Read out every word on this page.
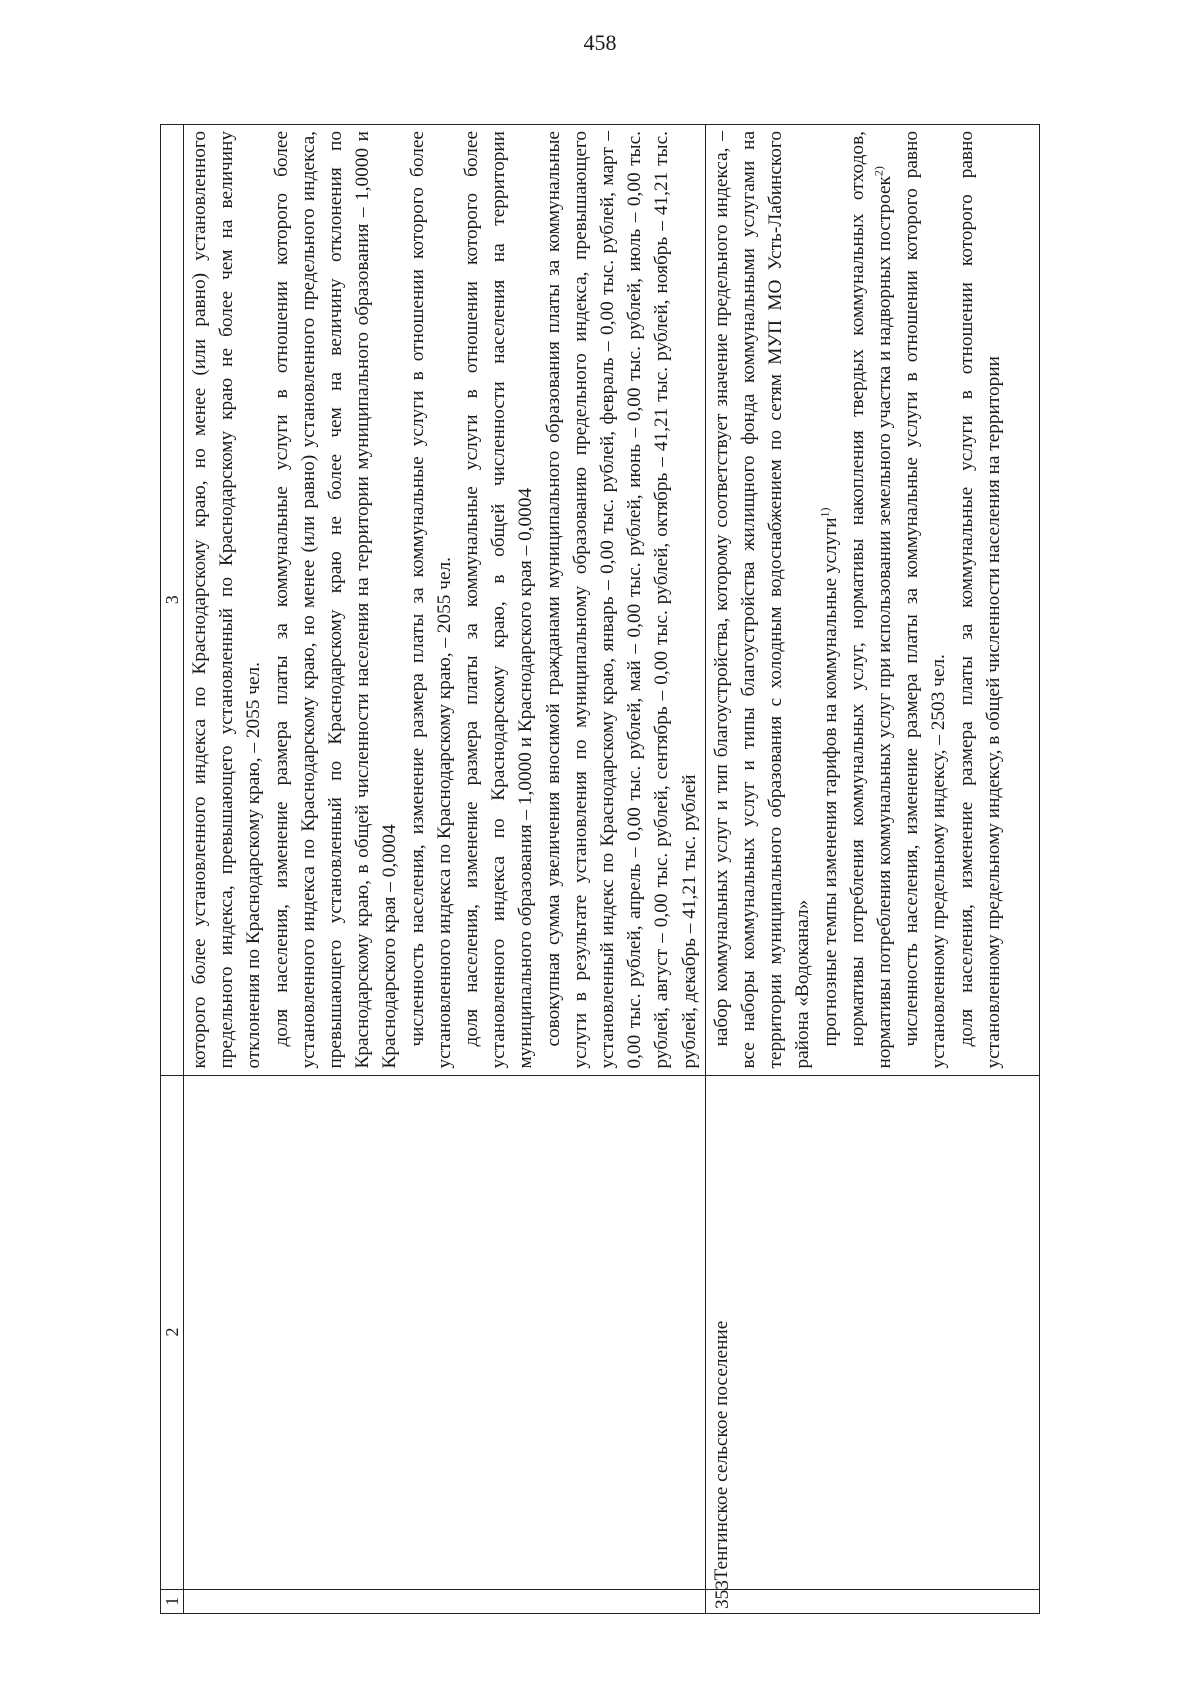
458
1	2	3

		которого более установленного индекса по Краснодарскому краю, но менее (или равно) установленного предельного индекса, превышающего установленный по Краснодарскому краю не более чем на величину отклонения по Краснодарскому краю, – 2055 чел. доля населения, изменение размера платы за коммунальные услуги в отношении которого более установленного индекса по Краснодарскому краю, но менее (или равно) установленного предельного индекса, превышающего установленный по Краснодарскому краю не более чем на величину отклонения по Краснодарскому краю, в общей численности населения на территории муниципального образования – 1,0000 и Краснодарского края – 0,0004 численность населения, изменение размера платы за коммунальные услуги в отношении которого более установленного индекса по Краснодарскому краю, – 2055 чел. доля населения, изменение размера платы за коммунальные услуги в отношении которого более установленного индекса по Краснодарскому краю, в общей численности населения на территории муниципального образования – 1,0000 и Краснодарского края – 0,0004 совокупная сумма увеличения вносимой гражданами муниципального образования платы за коммунальные услуги в результате установления по муниципальному образованию предельного индекса, превышающего установленный индекс по Краснодарскому краю, январь – 0,00 тыс. рублей, февраль – 0,00 тыс. рублей, март – 0,00 тыс. рублей, апрель – 0,00 тыс. рублей, май – 0,00 тыс. рублей, июнь – 0,00 тыс. рублей, июль – 0,00 тыс. рублей, август – 0,00 тыс. рублей, сентябрь – 0,00 тыс. рублей, октябрь – 41,21 тыс. рублей, ноябрь – 41,21 тыс. рублей, декабрь – 41,21 тыс. рублей

353	Тенгинское сельское поселение	набор коммунальных услуг и тип благоустройства, которому соответствует значение предельного индекса, – все наборы коммунальных услуг и типы благоустройства жилищного фонда коммунальными услугами на территории муниципального образования с холодным водоснабжением по сетям МУП МО Усть-Лабинского района «Водоканал» прогнозные темпы изменения тарифов на коммунальные услуги$^{1)}$ нормативы потребления коммунальных услуг, нормативы накопления твердых коммунальных отходов, нормативы потребления коммунальных услуг при использовании земельного участка и надворных построек$^{2)}$ численность населения, изменение размера платы за коммунальные услуги в отношении которого равно установленному предельному индексу, – 2503 чел. доля населения, изменение размера платы за коммунальные услуги в отношении которого равно установленному предельному индексу, в общей численности населения на территории
